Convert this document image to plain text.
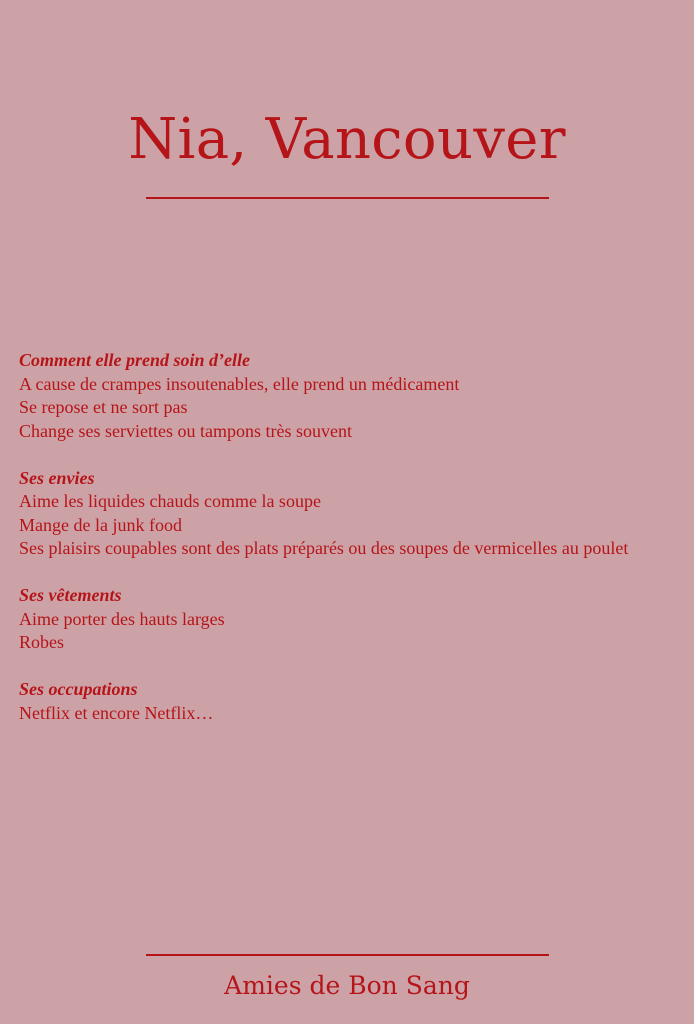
Nia, Vancouver

Comment elle prend soin d’elle

A cause de crampes insoutenables, elle prend un médicament

Se repose et ne sort pas

Change ses serviettes ou tampons très souvent

Ses envies

Aime les liquides chauds comme la soupe

Mange de la junk food

Ses plaisirs coupables sont des plats préparés ou des soupes de vermicelles au poulet

Ses vêtements

Aime porter des hauts larges

Robes

Ses occupations

Netflix et encore Netflix…

Amies de Bon Sang
